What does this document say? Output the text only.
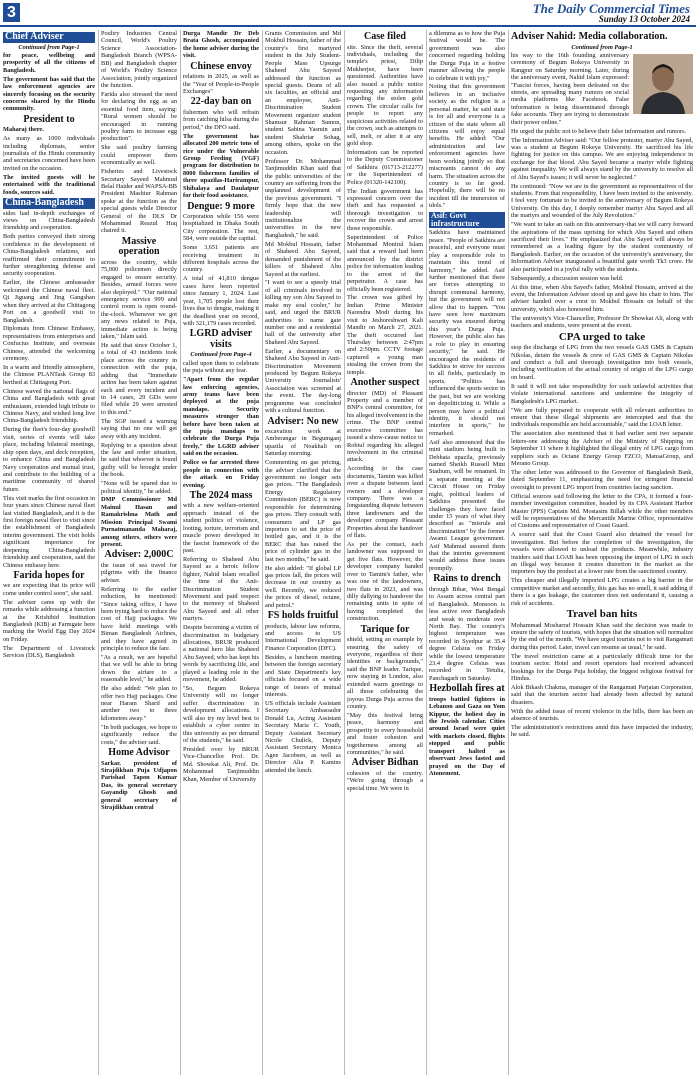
3	The Daily Commercial Times
Sunday 13 October 2024
Chief Adviser
Continued from Page-1

for peace, wellbeing and prosperity of all the citizens of Bangladesh.

The government has said that the law enforcement agencies are sincerely focusing on the security concerns shared by the Hindu community.

President to

Maharaj there.

As many as 1000 individuals including diplomats, senior journalists of the Hindu community and secretaries concerned have been invited on the occasion.

The invited guests will be entertained with the traditional foods, sources said.

China-Bangladesh

sides had in-depth exchanges of views on China-Bangladesh friendship and cooperation.

Both parties conveyed their strong confidence in the development of China-Bangladesh relations, and reaffirmed their commitment to further strengthening defense and security cooperation.

Earlier, the Chinese ambassador welcomed the Chinese naval fleet. Qi Jiguang and Jing Gangshan when they arrived at the Chittagong Port on a goodwill visit to Bangladesh.

Diplomats from Chinese Embassy, representatives from enterprises and Confucius Institute, and overseas Chinese, attended the welcoming ceremony.

In a warm and friendly atmosphere, the Chinese PLANTask Group 83 berthed at Chittagong Port.

Chinese waved the national flags of China and Bangladesh with great enthusiasm, extended high tribute to Chinese Navy, and wished long live China-Bangladesh friendship.

During the fleet's four-day goodwill visit, series of events will take place, including bilateral meetings, ship open days, and deck reception, to enhance China and Bangladesh Navy cooperation and mutual trust, and contribute to the building of a maritime community of shared future.

This visit marks the first occasion in four years since Chinese naval fleet last visited Bangladesh, and it is the first foreign naval fleet to visit since the establishment of Bangladesh interim government. The visit holds significant importance for deepening China-Bangladesh friendship and cooperation, said the Chinese embassy here.

Farida hopes for

we are expecting that its price will come under control soon", she said.

The adviser came up with the remarks while addressing a function at the Krishibid Institution Bangladesh (KIB) at Farmgate here marking the World Egg Day 2024 on Friday.

The Department of Livestock Services (DLS), Bangladesh

Poultry Industries Central Council, World's Poultry Science Association-Bangladesh Branch (WPSA-BB) and Bangladesh chapter of World's Poultry Science Association, jointly organized the function.

Farida also stressed the need for declaring the egg as an essential food item, saying: "Rural women should be encouraged in running poultry farm to increase egg production".

She said poultry farming could empower them economically as well.

Fisheries and Livestock Secretary Sayeed Mahmud Belal Haider and WAPSA-BB President Mashiur Rahman spoke at the function as the special guests while Director General of the DLS Dr Mohammad Reazul Huq chaired it.

Massive operation

across the country, while 75,000 policemen directly engaged to ensure security. Besides, armed forces were also deployed." "Our national emergency service 999 and control room is open round-the-clock. Whenever we got any news related to Puja, immediate action is being taken," Islam said.

He said that since October 1, a total of 43 incidents took place across the country in connection with the puja, adding that "Immediate action has been taken against each and every incident and in 14 cases, 29 GDs were filed while 29 were arrested to this end."

The SGP issued a warning saying that no one will get away with any incident.

Replying to a question about the law and order situation, he said that whoever is found guilty will be brought under the book.

"None will be spared due to political identity," he added.

DMP Commissioner Md Mainul Hasan and Ramakrishna Math and Mission Principal Swami Purnatmananda Maharaj, among others, others were present.

Adviser: 2,000C

the issue of sea travel for pilgrims with the finance adviser.

Referring to the earlier reduction, he mentioned: "Since taking office, I have been trying hard to reduce the cost of Hajj packages. We have held meetings with Biman Bangladesh Airlines, and they have agreed in principle to reduce the fare.

"As a result, we are hopeful that we will be able to bring down the airfare to a reasonable level," he added.

He also added: "We plan to offer two Hajj packages. One near Haram Sharif and another two to three kilometres away."

"In both packages, we hope to significantly reduce the costs," the adviser said.

Home Advisor

Sarkar, president of Sirajdikhan Puja Udjapon Parishad Tapon Kumar Das, its general secretary Gayandip Ghosh and general secretary of Sirajdikhan central

Durga Mandir Dr Deb Brata Ghosh, accompanied the home adviser during the visit.

Chinese envoy

relations in 2025, as well as the "Year of People-to-People Exchanges"

22-day ban on

fishermen who will refrain from catching hilsa during the period," the DFO said.

The government has allocated 200 metric tons of rice under the Vulnerable Group Feeding (VGF) program for distribution to 8000 fishermen families of three upazilas-Harirampur, Shibalaya and Daulatpur for their food assistance.

Dengue: 9 more

Corporation while 156 were hospitalized in Dhaka South City corporation. The rest, 584, were outside the capital.

Some 3,651 patients are receiving treatment in different hospitals across the country.

A total of 41,810 dengue cases have been reported since January 1, 2024. Last year, 1,705 people lost their lives due to dengue, making it the deadliest year on record, with 321,179 cases recorded.

LGRD adviser visits
Continued from Page-4

called upon them to celebrate the puja without any fear.

"Apart from the regular law enforcing agencies, army teams have been deployed at the puja mandaps. Security measures stronger than before have been taken at the puja mandaps to celebrate the Durga Puja freely," the LGRD adviser said on the occasion.

Police so far arrested three people in connection with the attack on Friday evening.

The 2024 mass

with a new welfare-oriented approach instead of the student politics of violence, looting, torture, terrorism and muscle power developed in the fascist framework of the past.

Referring to Shaheed Abu Sayeed as a heroic fellow fighter, Nahid Islam recalled the time of the Anti-Discrimination Student Movement and paid respect to the memory of Shaheed Abu Sayeed and all other martyrs.

Despite becoming a victim of discrimination in budgetary allocations, BRUR produced a national hero like Shaheed Abu Sayeed, who has kept his words by sacrificing life, and played a leading role in the movement, he added.

"So, Begum Rokeya University will no longer suffer discrimination in development allocations. I will also try my level best to establish a cyber centre in this university as per demand of the students," he said.

Presided over by BRUR Vice-Chancellor Prof. Dr. Md. Showkat Ali, Prof. Dr. Mohammad Tanjimuddin Khan, Member of University

Grants Commission and Md Mokbul Hossain, father of the country's first martyred student in the July Student-People Mass Upsurge Shaheed Abu Sayeed addressed the function as special guests. Deans of all six faculties, an official and an employee, Anti-Discrimination Student Movement organizer student Shamsur Rahman Sumon, student Sabina Yasmin and student Shahriar Sohag, among others, spoke on the occasion.

Professor Dr. Mohammad Tanjimuddin Khan said that the public universities of the country are suffering from the unplanned development of the previous government. "I firmly hope that the new leadership will institutionalize the universities in the new Bangladesh," he said.

Md Mokbul Hossain, father of Shaheed Abu Sayeed, demanded punishment of the killers of Shaheed Abu Sayeed at the earliest.

"I want to see a speedy trial of all criminals involved in killing my son Abu Sayeed to make my soul cooler," he said, and urged the BRUR authorities to name gate number one and a residential hall of the university after Shaheed Abu Sayeed.

Earlier, a documentary on Shaheed Abu Sayeed in Anti-Discrimination Movement produced by Begum Rokeya University Journalists' Association was screened at the event. The day-long programme was concluded with a cultural function.

Adviser: No new

excavation work at Amberangar in Begumganj upazila of Noakhali on Saturday morning.

Commenting on gas pricing, the adviser clarified that the government no longer sets gas prices. "The Bangladesh Energy Regulatory Commission (BERC) is now responsible for determining gas prices. They consult with consumers and LP gas importers to set the price of bottled gas, and it is the BERC that has raised the price of cylinder gas in the last two months," he said.

He also added: "If global LP gas prices fall, the prices will decrease in our country as well. Recently, we reduced the prices of diesel, octane, and petrol."

FS holds fruitful

products, labour law reforms, and access to US International Development Finance Corporation (DFC).

Besides, a luncheon meeting between the foreign secretary and State Department's key officials focused on a wide range of issues of mutual interests.

US officials include Assistant Secretary Ambassador Donald Lu, Acting Assistant Secretary Maria C. Youth, Deputy Assistant Secretary Nicole Chulick, Deputy Assistant Secretary Monica Agee Jacobsen, as well as Director Alia P. Kamins attended the lunch.

Case filed

site. Since the theft, several individuals, including the temple's priest, Dilip Mukherjee, have been questioned. Authorities have also issued a public notice requesting any information regarding the stolen gold crown. The circular calls for people to report any suspicious activities related to the crown, such as attempts to sell, melt, or alter it at any gold shop.

Information can be reported to the Deputy Commissioner of Satkhira (01713-212277) or the Superintendent of Police (01320-142100).

The Indian government has expressed concern over the theft and has requested a thorough investigation to recover the crown and arrest those responsible.

Superintendent of Police Mohammad Monirul Islam said that a reward had been announced by the district police for information leading to the arrest of the perpetrator. A case has officially been registered.

The crown was gifted by Indian Prime Minister Narendra Modi during his visit to Jeshoreshwari Kali Mandir on March 27, 2021. The theft occurred last Thursday between 2:47pm and 2:50pm. CCTV footage captured a young man stealing the crown from the temple.

Another suspect

director (MD) of Pleasant Property and a member of BNP's central committee, for his alleged involvement in the crime. The BNP central executive committee has issued a show-cause notice to Robiul regarding his alleged involvement in the criminal attack.

According to the case documents, Tamim was killed over a dispute between land owners and a developer company. There was a longstanding dispute between three landowners and the developer company Pleasant Properties about the handover of flats.

As per the contact, each landowner was supposed to get five flats. However, the developer company handed over to Tamim's father, who was one of the landowners, two flats in 2023, and was dilly dallying to handover the remaining units in spite of having completed the construction.

Tarique for

shield, setting an example by ensuring the safety of everyone, regardless of their identities or backgrounds," said the BNP leader. Tarique, now staying in London, also extended warm greetings to all those celebrating the joyous Durga Puja across the country.

"May this festival bring peace, harmony and prosperity to every household and foster cohesion and togetherness among all communities," he said.

Adviser Bidhan

cohesion of the country. "We're going through a special time. We were in

a dilemma as to how the Puja festival would be. The government was also concerned regarding holding the Durga Puja in a festive manner allowing the people to celebrate it with joy,"

Noting that this government believes in an inclusive society as the religion is a personal matter, he said state is for all and everyone is a citizen of the state where all citizens will enjoy equal benefits. He added: "Our administration and law enforcement agencies have been working jointly so that miscreants cannot do any harm. The situation across the country is so far good. Hopefully, there will be no incident till the immersion of idols."

Asif: Govt infrastructure

Satkhira have maintained peace. "People of Satkhira are peaceful, and everyone must play a responsible role to maintain this trend of harmony," he added. Asif further mentioned that there are forces attempting to disrupt communal harmony, but the government will not allow that to happen. "You have seen how maximum security was ensured during this year's Durga Puja. However, the public also has a role to play in ensuring security," he said. He encouraged the residents of Satkhira to strive for success in all fields, particularly in sports. "Politics has influenced the sports sector in the past, but we are working on depoliticizing it. While a person may have a political identity, it should not interfere in sports," he remarked.

Asif also announced that the mini stadium being built in Debhata upazila, previously named Sheikh Russell Mini Stadium, will be renamed. In a separate meeting at the Circuit House on Friday night, political leaders of Satkhira presented the challenges they have faced under 15 years of what they described as "misrule and discrimination" by the former Awami League government. Asif Mahmud assured them that the interim government would address these issues promptly.

Rains to drench

through Bihar, West Bengal to Assam across central part of Bangladesh. Monsoon is less active over Bangladesh and weak to moderate over North Bay. The country's highest temperature was recorded in Syedpur at 35.4 degree Celsius on Friday while the lowest temperature 23.4 degree Celsius was recorded in Tetulia, Panchagarh on Saturday.

Hezbollah fires at

troops battled fighters in Lebanon and Gaza on Yom Kippur, the holiest day in the Jewish calendar. Cities around Israel were quiet with markets closed, flights stopped and public transport halted as observant Jews fasted and prayed on the Day of Atonement.

Adviser Nahid: Media collaboration.
Continued from Page-1

his way to the 16th founding anniversary ceremony of Begum Rokeya University in Rangpur on Saturday morning. Later, during the anniversary event, Nahid Islam expressed: "Fascist forces, having been defeated on the streets, are spreading many rumors on social media platforms like Facebook. False information is being disseminated through fake accounts. They are trying to demonstrate their power online."

He urged the public not to believe their false information and rumors.

The Information Adviser said: "Our fellow protester, martyr Abu Sayed, was a student at Begum Rokeya University. He sacrificed his life fighting for justice on this campus. We are enjoying independence in exchange for that blood. Abu Sayed became a martyr while fighting against inequality. We will always stand by the university to resolve all of Abu Sayed's issues; it will never be neglected."

He continued: "Now we are in the government as representatives of the students. From that responsibility, I have been invited to the university. I feel very fortunate to be invited to the anniversary of Begum Rokeya University. On this day, I deeply remember martyr Abu Sayed and all the martyrs and wounded of the July Revolution."

"We want to take an oath on this anniversary-that we will carry forward the aspirations of the mass uprising for which Abu Sayed and others sacrificed their lives." He emphasized that Abu Sayed will always be remembered as a leading figure by the student community of Bangladesh. Earlier, on the occasion of the university's anniversary, the Information Adviser inaugurated a beautiful gate worth Tk3 crore. He also participated in a joyful rally with the students.

Subsequently, a discussion session was held.

At this time, when Abu Sayed's father, Mokbul Hossain, arrived at the event, the Information Adviser stood up and gave his chair to him. The adviser handed over a crest to Mokbul Hossain on behalf of the university, which also honoured him.

The university's Vice-Chancellor, Professor Dr Showkat Ali, along with teachers and students, were present at the event.

CPA urged to take

stop the discharge of LPG from the two vessels GAS GMS & Captain Nikolas, detain the vessels & crew of GAS GMS & Captain Nikolas and conduct a full and thorough investigation into both vessels, including verification of the actual country of origin of the LPG cargo on board.

It said it will not take responsibility for such unlawful activities that violate international sanctions and undermine the integrity of Bangladesh's LPG market.

"We are fully prepared to cooperate with all relevant authorities to ensure that these illegal shipments are intercepted and that the individuals responsible are held accountable," said the LOAB letter.

The association also mentioned that it had earlier sent two separate letters-one addressing the Adviser of the Ministry of Shipping on September 11 where it highlighted the illegal entry of LPG cargo from suppliers such as Octane Energy Group FZCO, MansaGroup, and Merano Group.

The other letter was addressed to the Governor of Bangladesh Bank, dated September 11, emphasizing the need for stringent financial oversight to prevent LPG import from countries facing sanction.

Official sources said following the letter to the CPA, it formed a four-member investigation committee, headed by its CPA Assistant Harbor Master (PPS) Captain Md. Mostasim Billah while the other members will be representatives of the Mercantile Marine Office, representative of Customs and representative of Coast Guard.

A source said that the Coast Guard also detained the vessel for investigation. But before the completion of the investigation, the vessels were allowed to unload the products. Meanwhile, industry insiders said that LOAB has been opposing the import of LPG in such an illegal way because it creates distortion in the market as the importers buy the product at a lower rate from the sanctioned country.

This cheaper and illegally imported LPG creates a big barrier in the competitive market and secondly, this gas has no smell, it said adding if there is a gas leakage, the customer does not understand it, causing a risk of accidents.

Travel ban hits

Mohammad Mosharraf Hossain Khan said the decision was made to ensure the safety of tourists, with hopes that the situation will normalize by the end of the month. "We have urged tourists not to visit Rangamati during this period. Later, travel can resume as usual," he said.

The travel restriction came at a particularly difficult time for the tourism sector. Hotel and resort operators had received advanced bookings for the Durga Puja holiday, the biggest religious festival for Hindus.

Alok Bikash Chakma, manager of the Rangamati Parjatan Corporation, said that the tourism sector had already been affected by natural disasters.

With the added issue of recent violence in the hills, there has been an absence of tourists.

The administration's restrictions amid this have impacted the industry, he said.
